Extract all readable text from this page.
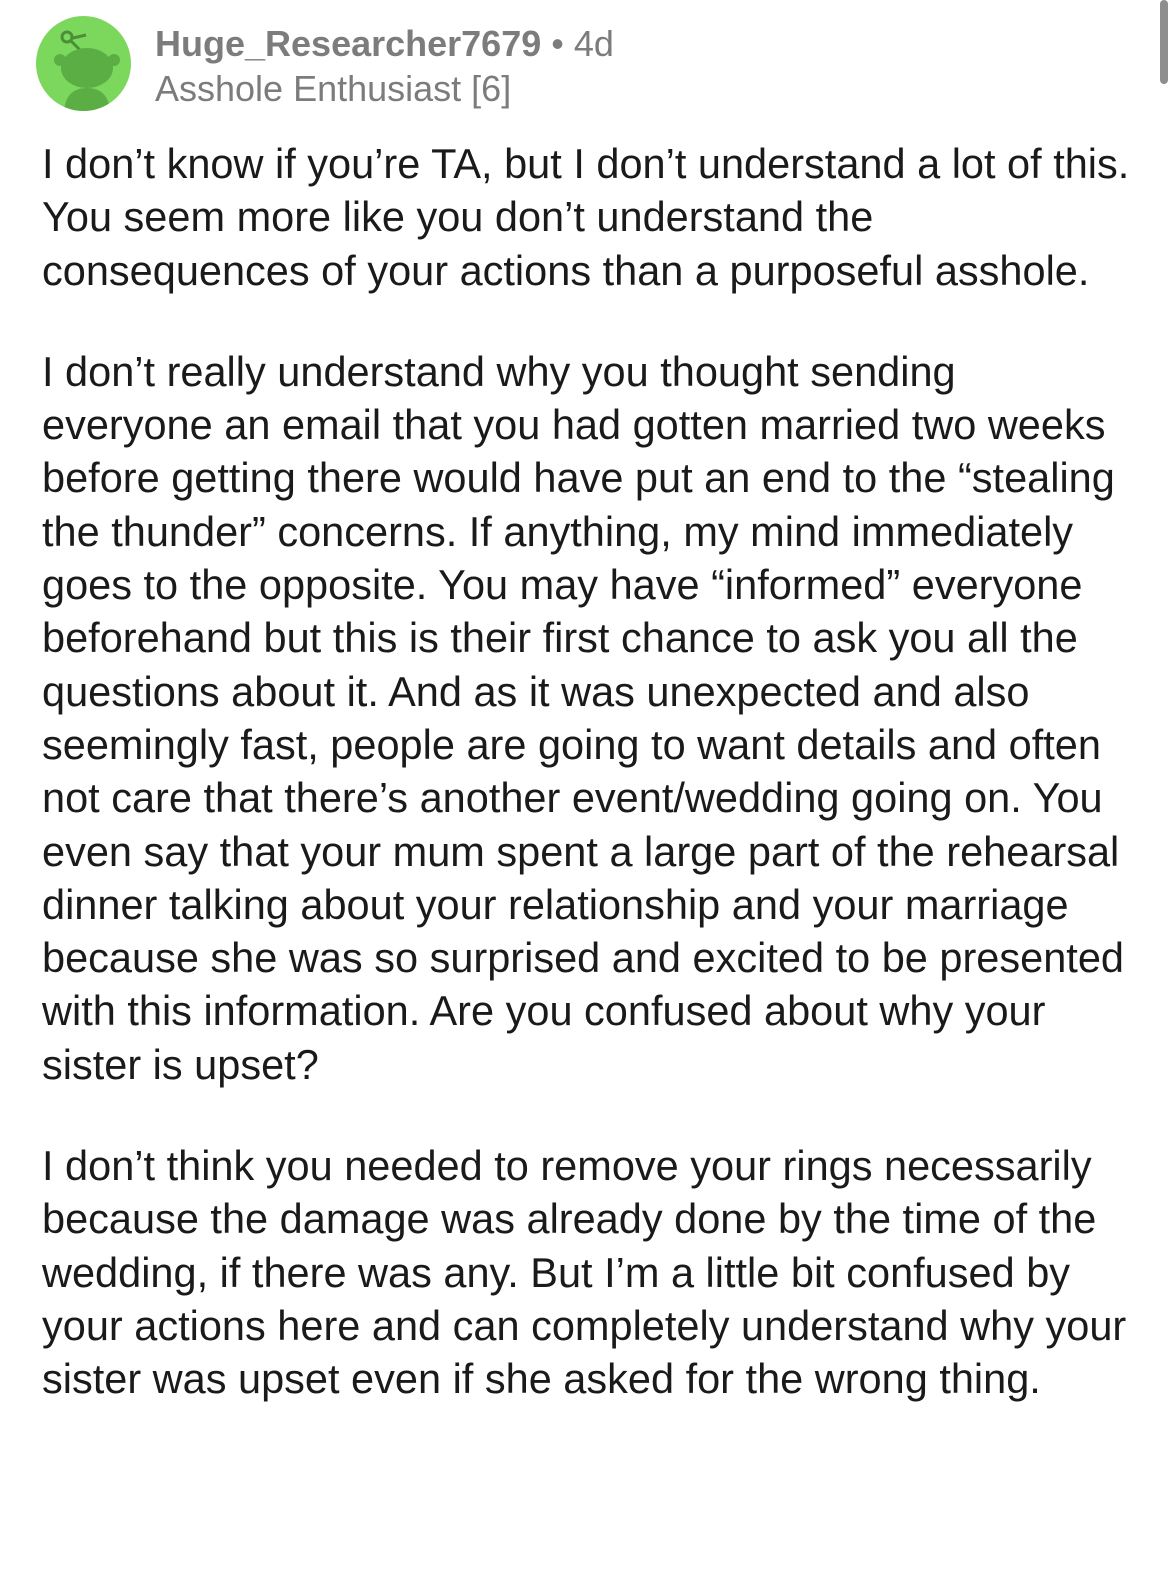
Huge_Researcher7679 • 4d
Asshole Enthusiast [6]

I don’t know if you’re TA, but I don’t understand a lot of this. You seem more like you don’t understand the consequences of your actions than a purposeful asshole.

I don’t really understand why you thought sending everyone an email that you had gotten married two weeks before getting there would have put an end to the “stealing the thunder” concerns. If anything, my mind immediately goes to the opposite. You may have “informed” everyone beforehand but this is their first chance to ask you all the questions about it. And as it was unexpected and also seemingly fast, people are going to want details and often not care that there’s another event/wedding going on. You even say that your mum spent a large part of the rehearsal dinner talking about your relationship and your marriage because she was so surprised and excited to be presented with this information. Are you confused about why your sister is upset?

I don’t think you needed to remove your rings necessarily because the damage was already done by the time of the wedding, if there was any. But I’m a little bit confused by your actions here and can completely understand why your sister was upset even if she asked for the wrong thing.
